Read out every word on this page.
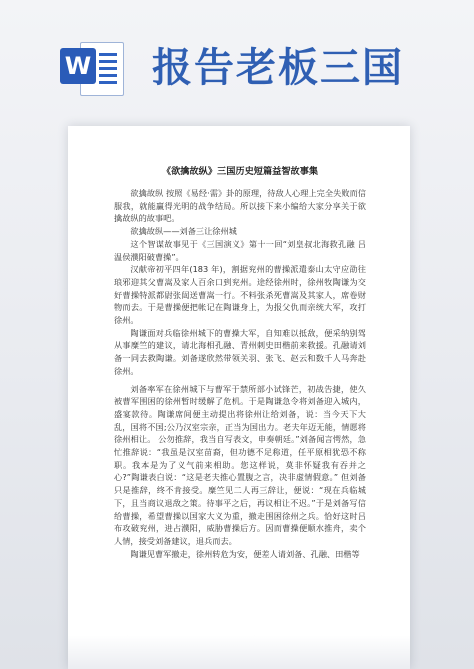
W 报告老板三国
《欲擒故纵》三国历史短篇益智故事集

欲擒故纵 按照《易经·需》卦的原理，待敌人心理上完全失败而信服我，就能赢得光明的战争结局。所以接下来小编给大家分享关于欲擒故纵的故事吧。

欲擒故纵——刘备三让徐州城

这个智谋故事见于《三国演义》第十一回“刘皇叔北海救孔融 吕温侯濮阳破曹操”。

汉献帝初平四年(183 年)，割据兖州的曹操派遣泰山太守应劭往琅邪迎其父曹嵩及家人百余口到兖州。途经徐州时，徐州牧陶谦为交好曹操特派都尉张闿送曹嵩一行。不料张杀死曹嵩及其家人，席卷财物而去。于是曹操便把帐记在陶谦身上，为报父仇而亲统大军，攻打徐州。

陶谦面对兵临徐州城下的曹操大军，自知难以抵敌，便采纳别驾从事糜竺的建议，请北海相孔融、青州刺史田楷前来救援。孔融请刘备一同去救陶谦。刘备遂欣然带领关羽、张飞、赵云和数千人马奔赴徐州。

刘备率军在徐州城下与曹军于禁所部小试锋芒，初战告捷，使久被曹军围困的徐州暂时缓解了危机。于是陶谦急令将刘备迎入城内，盛宴款待。陶谦席间便主动提出将徐州让给刘备，说：当今天下大乱，国将不国;公乃汉室宗亲，正当为国出力。老夫年迈无能，情愿将徐州相让。 公勿推辞，我当自写表文，申奏朝廷。”刘备闻言愕然，急忙推辞说：“我虽是汉室苗裔，但功德不足称道，任平原相犹恐不称职。我本是为了义气前来相助。您这样说，莫非怀疑我有吞并之心?”陶谦表白说：“这是老夫推心置腹之言，决非虚情假意。” 但刘备只是推辞，终不肯接受。糜竺见二人再三辞让，便说：“现在兵临城下，且当商议退敌之策。待事平之后，再议相让不迟。”于是刘备写信给曹操，希望曹操以国家大义为重，撤走围困徐州之兵。恰好这时吕布攻破兖州，进占濮阳，威胁曹操后方。因而曹操便顺水推舟，卖个人情，接受刘备建议，退兵而去。

陶谦见曹军撤走，徐州转危为安，便差人请刘备、孔融、田楷等
